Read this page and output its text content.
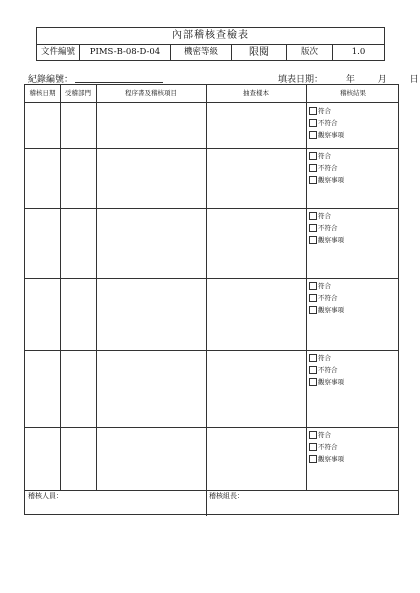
內部稽核查檢表
文件編號	PIMS-B-08-D-04	機密等級	限閱	版次	1.0
紀錄編號：	填表日期：	年	月	日
稽核日期	受稽部門	程序書及稽核項目	抽查樣本	稽核結果
符合
不符合
觀察事項
符合
不符合
觀察事項
符合
不符合
觀察事項
符合
不符合
觀察事項
符合
不符合
觀察事項
符合
不符合
觀察事項
稽核人員：	稽核組長：
